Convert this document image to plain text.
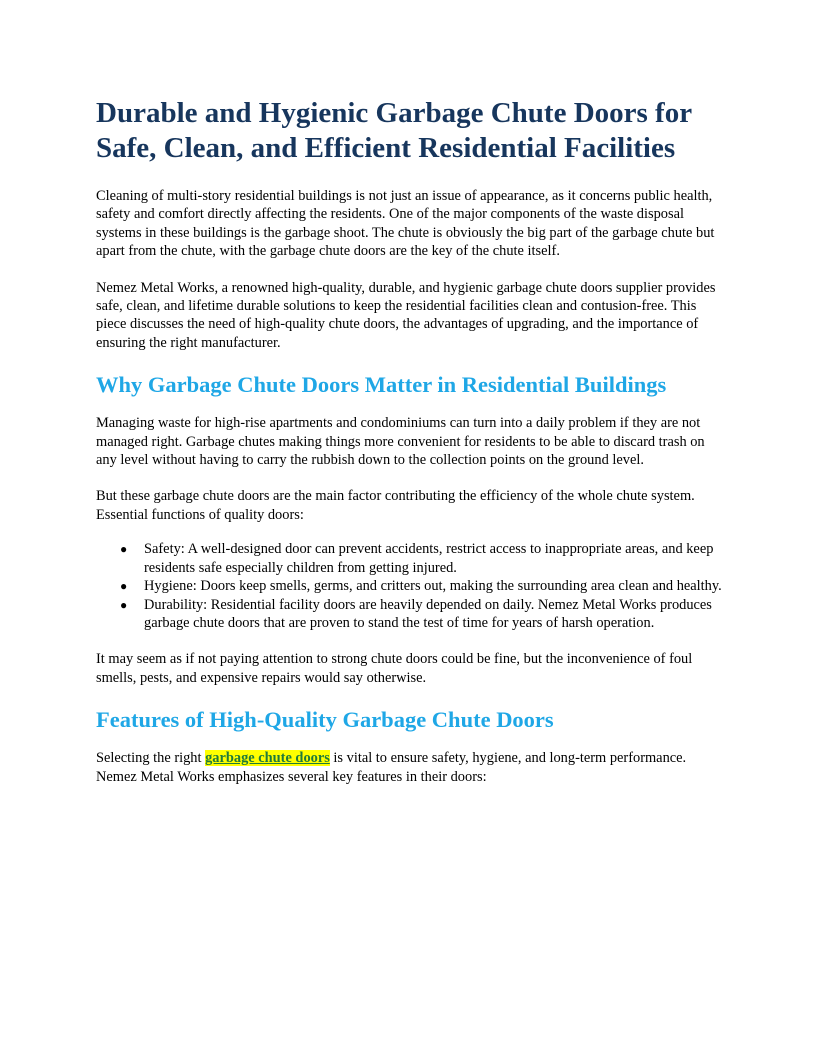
Durable and Hygienic Garbage Chute Doors for Safe, Clean, and Efficient Residential Facilities

Cleaning of multi-story residential buildings is not just an issue of appearance, as it concerns public health, safety and comfort directly affecting the residents. One of the major components of the waste disposal systems in these buildings is the garbage shoot. The chute is obviously the big part of the garbage chute but apart from the chute, with the garbage chute doors are the key of the chute itself.

Nemez Metal Works, a renowned high-quality, durable, and hygienic garbage chute doors supplier provides safe, clean, and lifetime durable solutions to keep the residential facilities clean and contusion-free. This piece discusses the need of high-quality chute doors, the advantages of upgrading, and the importance of ensuring the right manufacturer.

Why Garbage Chute Doors Matter in Residential Buildings

Managing waste for high-rise apartments and condominiums can turn into a daily problem if they are not managed right. Garbage chutes making things more convenient for residents to be able to discard trash on any level without having to carry the rubbish down to the collection points on the ground level.

But these garbage chute doors are the main factor contributing the efficiency of the whole chute system. Essential functions of quality doors:

● Safety: A well-designed door can prevent accidents, restrict access to inappropriate areas, and keep residents safe especially children from getting injured.
● Hygiene: Doors keep smells, germs, and critters out, making the surrounding area clean and healthy.
● Durability: Residential facility doors are heavily depended on daily. Nemez Metal Works produces garbage chute doors that are proven to stand the test of time for years of harsh operation.

It may seem as if not paying attention to strong chute doors could be fine, but the inconvenience of foul smells, pests, and expensive repairs would say otherwise.

Features of High-Quality Garbage Chute Doors

Selecting the right garbage chute doors is vital to ensure safety, hygiene, and long-term performance. Nemez Metal Works emphasizes several key features in their doors:
